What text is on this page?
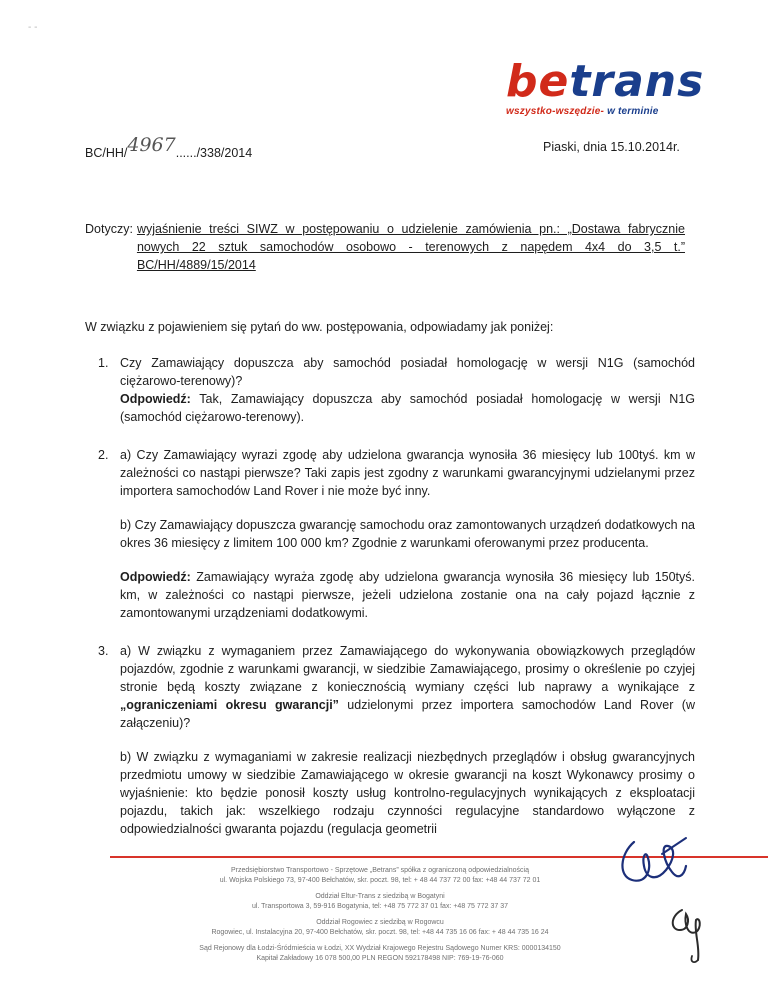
- -
betrans
wszystko-wszędzie- w terminie
BC/HH/4967....../338/2014	Piaski, dnia 15.10.2014r.
Dotyczy: wyjaśnienie treści SIWZ w postępowaniu o udzielenie zamówienia pn.: „Dostawa fabrycznie nowych 22 sztuk samochodów osobowo - terenowych z napędem 4x4 do 3,5 t.” BC/HH/4889/15/2014
W związku z pojawieniem się pytań do ww. postępowania, odpowiadamy jak poniżej:
1. Czy Zamawiający dopuszcza aby samochód posiadał homologację w wersji N1G (samochód ciężarowo-terenowy)?

Odpowiedź: Tak, Zamawiający dopuszcza aby samochód posiadał homologację w wersji N1G (samochód ciężarowo-terenowy).

2. a) Czy Zamawiający wyrazi zgodę aby udzielona gwarancja wynosiła 36 miesięcy lub 100tyś. km w zależności co nastąpi pierwsze? Taki zapis jest zgodny z warunkami gwarancyjnymi udzielanymi przez importera samochodów Land Rover i nie może być inny.

b) Czy Zamawiający dopuszcza gwarancję samochodu oraz zamontowanych urządzeń dodatkowych na okres 36 miesięcy z limitem 100 000 km? Zgodnie z warunkami oferowanymi przez producenta.

Odpowiedź: Zamawiający wyraża zgodę aby udzielona gwarancja wynosiła 36 miesięcy lub 150tyś. km, w zależności co nastąpi pierwsze, jeżeli udzielona zostanie ona na cały pojazd łącznie z zamontowanymi urządzeniami dodatkowymi.

3. a) W związku z wymaganiem przez Zamawiającego do wykonywania obowiązkowych przeglądów pojazdów, zgodnie z warunkami gwarancji, w siedzibie Zamawiającego, prosimy o określenie po czyjej stronie będą koszty związane z koniecznością wymiany części lub naprawy a wynikające z „ograniczeniami okresu gwarancji” udzielonymi przez importera samochodów Land Rover (w załączeniu)?

b) W związku z wymaganiami w zakresie realizacji niezbędnych przeglądów i obsług gwarancyjnych przedmiotu umowy w siedzibie Zamawiającego w okresie gwarancji na koszt Wykonawcy prosimy o wyjaśnienie: kto będzie ponosił koszty usług kontrolno-regulacyjnych wynikających z eksploatacji pojazdu, takich jak: wszelkiego rodzaju czynności regulacyjne standardowo wyłączone z odpowiedzialności gwaranta pojazdu (regulacja geometrii

Przedsiębiorstwo Transportowo - Sprzętowe „Betrans” spółka z ograniczoną odpowiedzialnością
ul. Wojska Polskiego 73, 97-400 Bełchatów, skr. poczt. 98, tel: + 48 44 737 72 00 fax: +48 44 737 72 01
Oddział Eltur-Trans z siedzibą w Bogatyni
ul. Transportowa 3, 59-916 Bogatynia, tel: +48 75 772 37 01 fax: +48 75 772 37 37
Oddział Rogowiec z siedzibą w Rogowcu
Rogowiec, ul. Instalacyjna 20, 97-400 Bełchatów, skr. poczt. 98, tel: +48 44 735 16 06 fax: + 48 44 735 16 24
Sąd Rejonowy dla Łodzi-Śródmieścia w Łodzi, XX Wydział Krajowego Rejestru Sądowego Numer KRS: 0000134150
Kapitał Zakładowy 16 078 500,00 PLN REGON 592178498 NIP: 769-19-76-060
